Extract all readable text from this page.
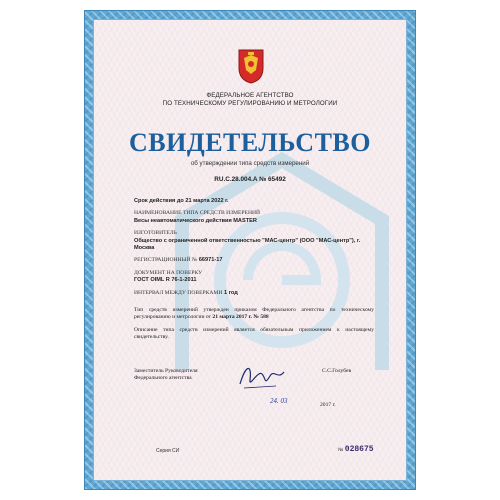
ФЕДЕРАЛЬНОЕ АГЕНТСТВО
ПО ТЕХНИЧЕСКОМУ РЕГУЛИРОВАНИЮ И МЕТРОЛОГИИ
СВИДЕТЕЛЬСТВО
об утверждении типа средств измерений
RU.C.28.004.A № 65492
Срок действия до 21 марта 2022 г.
НАИМЕНОВАНИЕ ТИПА СРЕДСТВ ИЗМЕРЕНИЙ
Весы неавтоматического действия MASTER
ИЗГОТОВИТЕЛЬ
Общество с ограниченной ответственностью "МАС-центр" (ООО "МАС-центр"), г. Москва
РЕГИСТРАЦИОННЫЙ № 66971-17
ДОКУМЕНТ НА ПОВЕРКУ
ГОСТ OIML R 76-1-2011
ИНТЕРВАЛ МЕЖДУ ПОВЕРКАМИ 1 год
Тип средств измерений утвержден приказом Федерального агентства по техническому регулированию и метрологии от 21 марта 2017 г. № 588
Описание типа средств измерений является обязательным приложением к настоящему свидетельству.
Заместитель Руководителя
Федерального агентства
С.С.Голубев
24. 03	2017 г.
Серия СИ	№ 028675
